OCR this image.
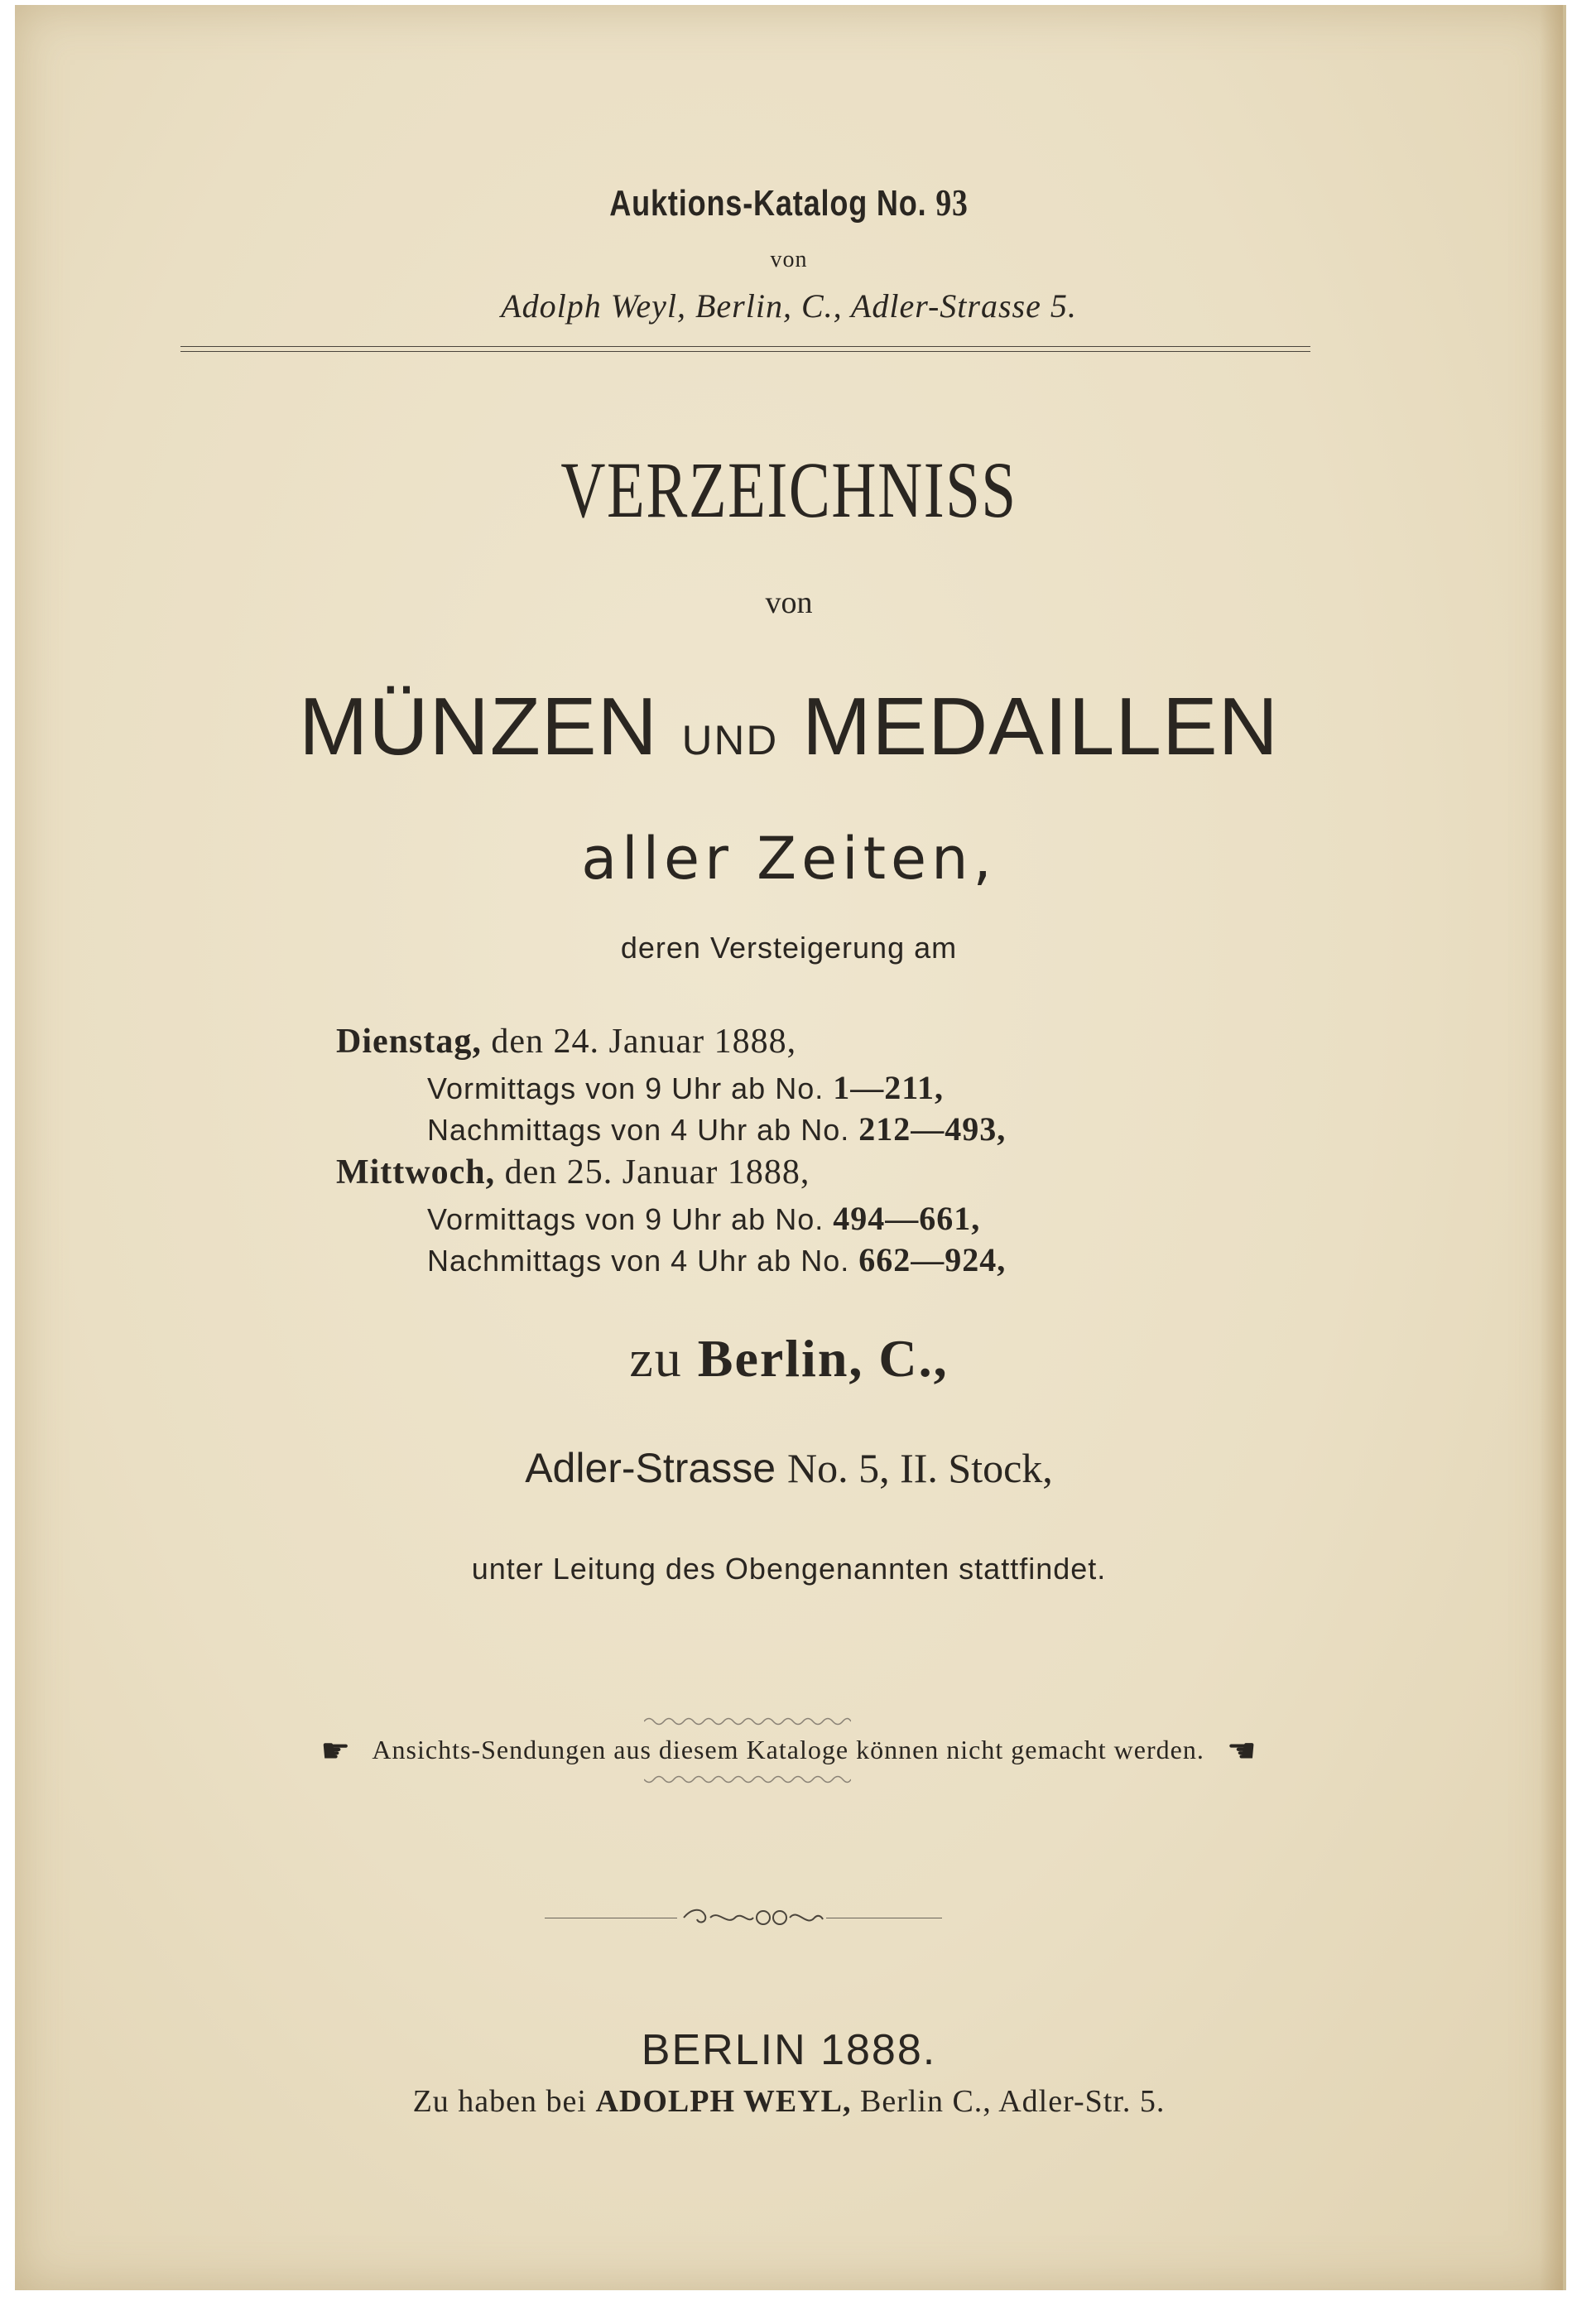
Auktions-Katalog No. 93
von
Adolph Weyl, Berlin, C., Adler-Strasse 5.
VERZEICHNISS
von
MÜNZEN UND MEDAILLEN
aller Zeiten,
deren Versteigerung am
Dienstag, den 24. Januar 1888,
Vormittags von 9 Uhr ab No. 1—211,
Nachmittags von 4 Uhr ab No. 212—493,
Mittwoch, den 25. Januar 1888,
Vormittags von 9 Uhr ab No. 494—661,
Nachmittags von 4 Uhr ab No. 662—924,
zu Berlin, C.,
Adler-Strasse No. 5, II. Stock,
unter Leitung des Obengenannten stattfindet.
☛ Ansichts-Sendungen aus diesem Kataloge können nicht gemacht werden. ☚
BERLIN 1888.
Zu haben bei ADOLPH WEYL, Berlin C., Adler-Str. 5.
